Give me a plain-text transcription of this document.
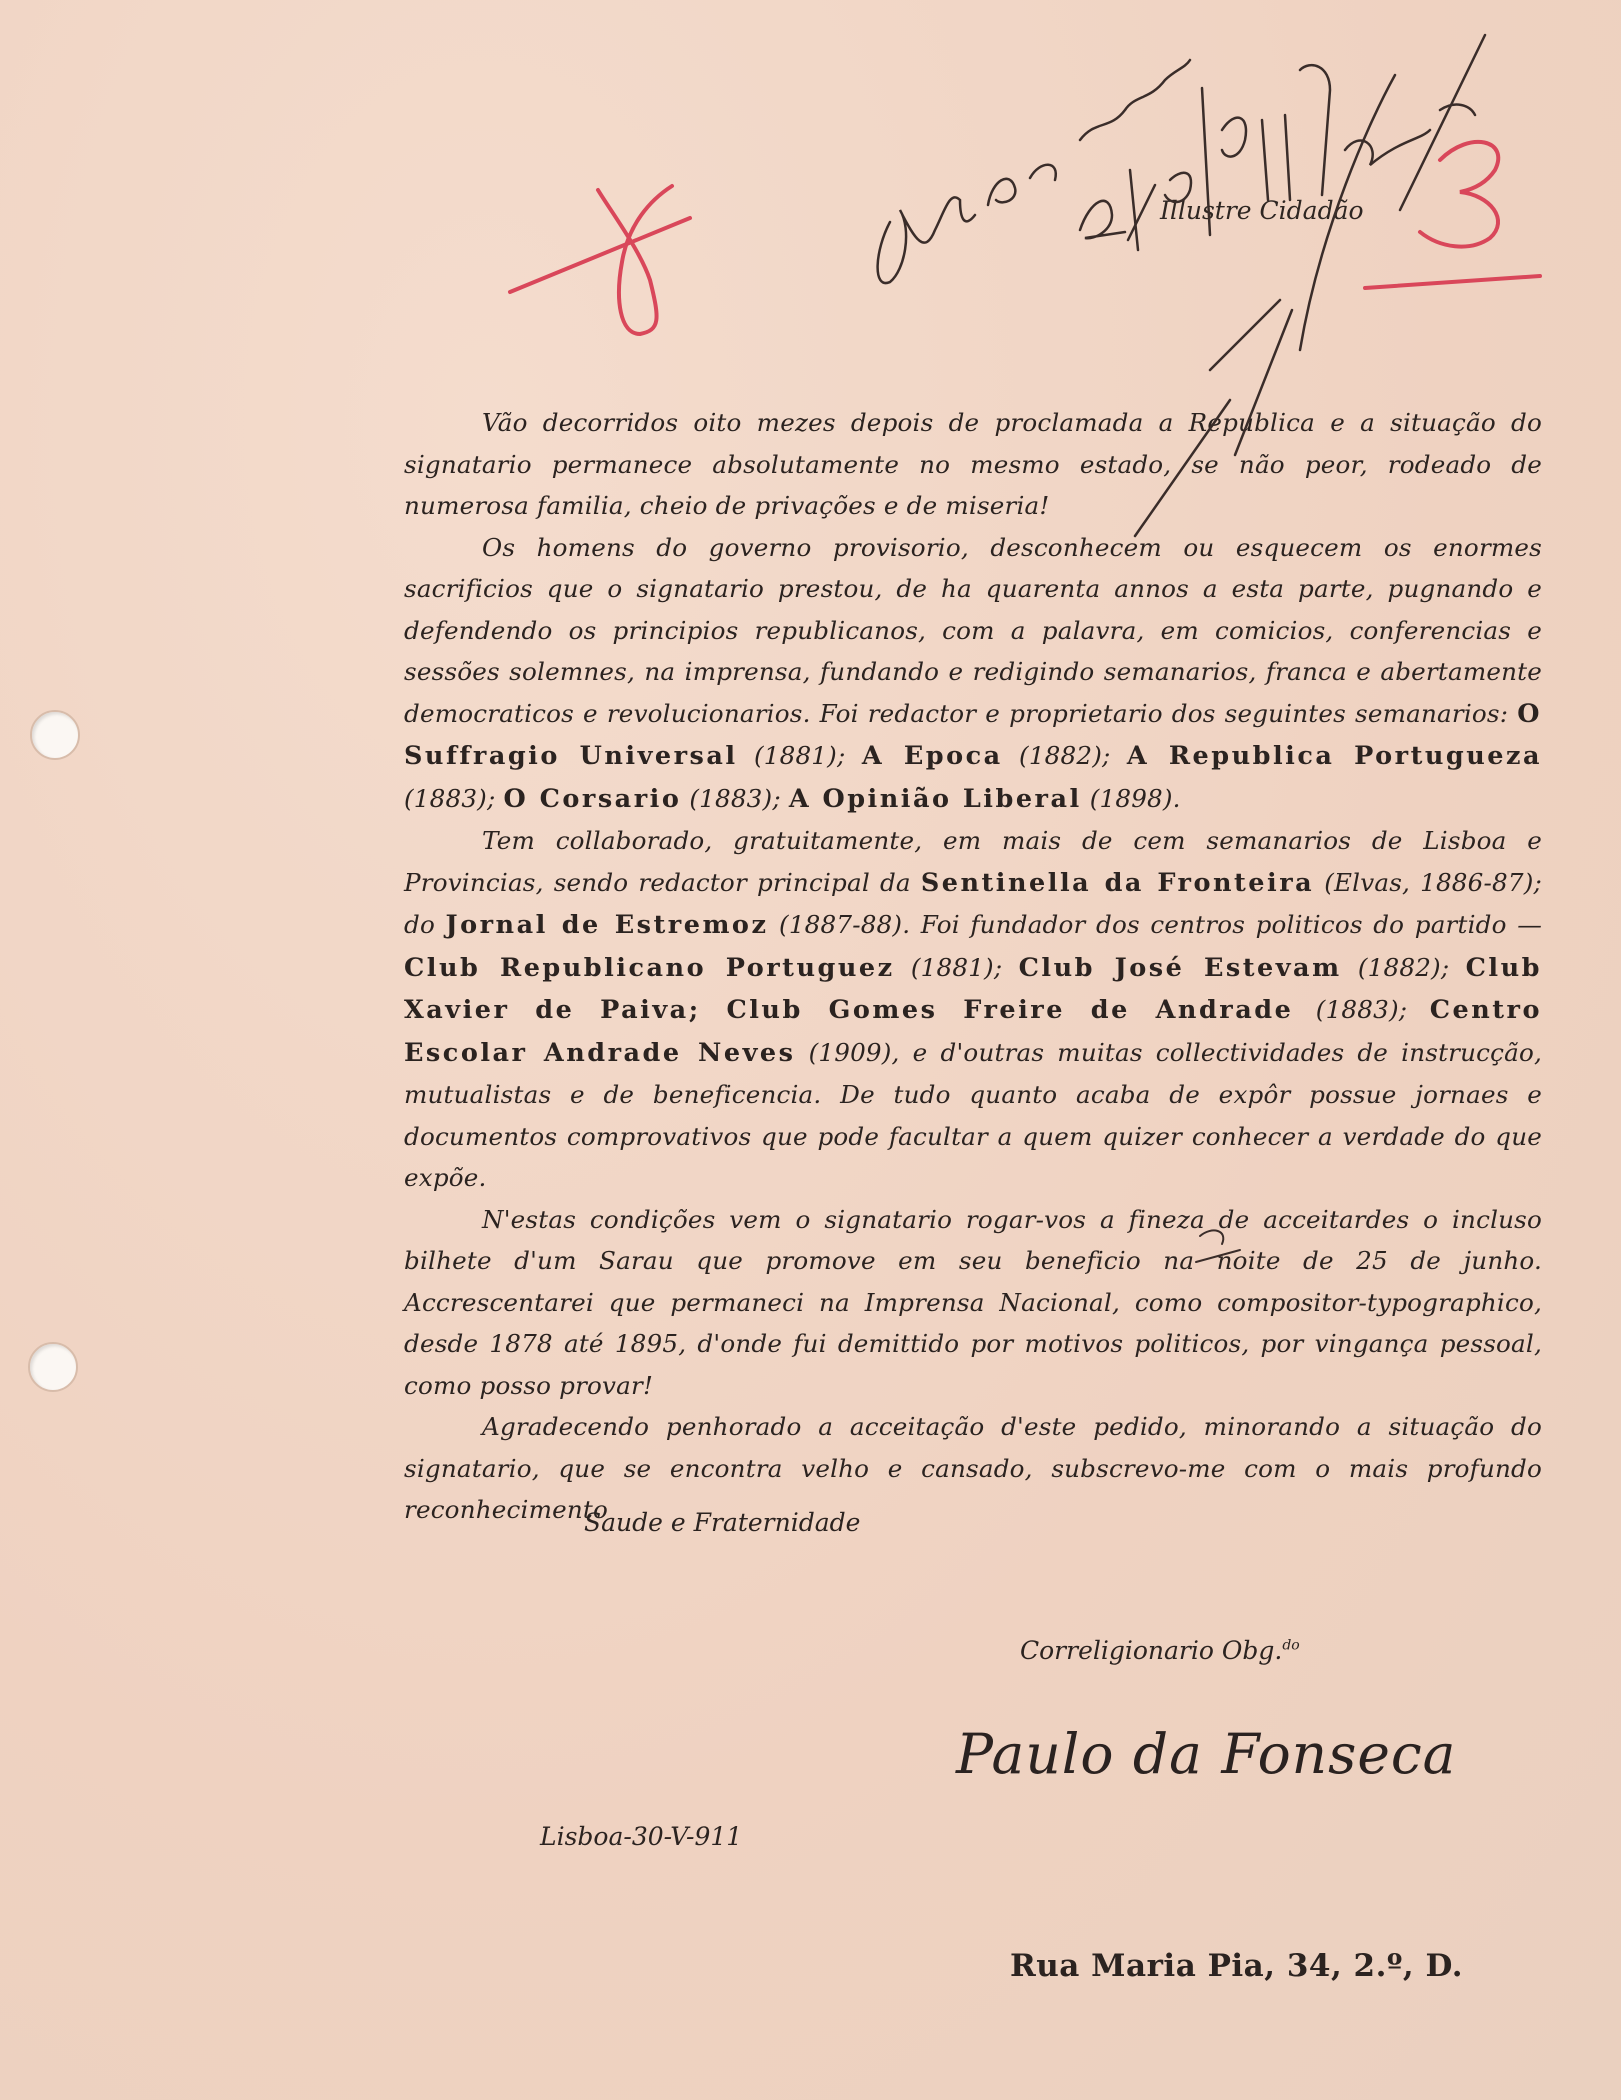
Illustre Cidadão

Vão decorridos oito mezes depois de proclamada a Republica e a situação do signatario permanece absolutamente no mesmo estado, se não peor, rodeado de numerosa familia, cheio de privações e de miseria!

Os homens do governo provisorio, desconhecem ou esquecem os enormes sacrificios que o signatario prestou, de ha quarenta annos a esta parte, pugnando e defendendo os principios republicanos, com a palavra, em comicios, conferencias e sessões solemnes, na imprensa, fundando e redigindo semanarios, franca e abertamente democraticos e revolucionarios. Foi redactor e proprietario dos seguintes semanarios: O Suffragio Universal (1881); A Epoca (1882); A Republica Portugueza (1883); O Corsario (1883); A Opinião Liberal (1898).

Tem collaborado, gratuitamente, em mais de cem semanarios de Lisboa e Provincias, sendo redactor principal da Sentinella da Fronteira (Elvas, 1886-87); do Jornal de Estremoz (1887-88). Foi fundador dos centros politicos do partido — Club Republicano Portuguez (1881); Club José Estevam (1882); Club Xavier de Paiva; Club Gomes Freire de Andrade (1883); Centro Escolar Andrade Neves (1909), e d'outras muitas collectividades de instrucção, mutualistas e de beneficencia. De tudo quanto acaba de expôr possue jornaes e documentos comprovativos que pode facultar a quem quizer conhecer a verdade do que expõe.

N'estas condições vem o signatario rogar-vos a fineza de acceitardes o incluso bilhete d'um Sarau que promove em seu beneficio na noite de 25 de junho. Accrescentarei que permaneci na Imprensa Nacional, como compositor-typographico, desde 1878 até 1895, d'onde fui demittido por motivos politicos, por vingança pessoal, como posso provar!

Agradecendo penhorado a acceitação d'este pedido, minorando a situação do signatario, que se encontra velho e cansado, subscrevo-me com o mais profundo reconhecimento

Saude e Fraternidade
Correligionario Obg.$^{do}$
Paulo da Fonseca
Lisboa-30-V-911
Rua Maria Pia, 34, 2.º, D.
